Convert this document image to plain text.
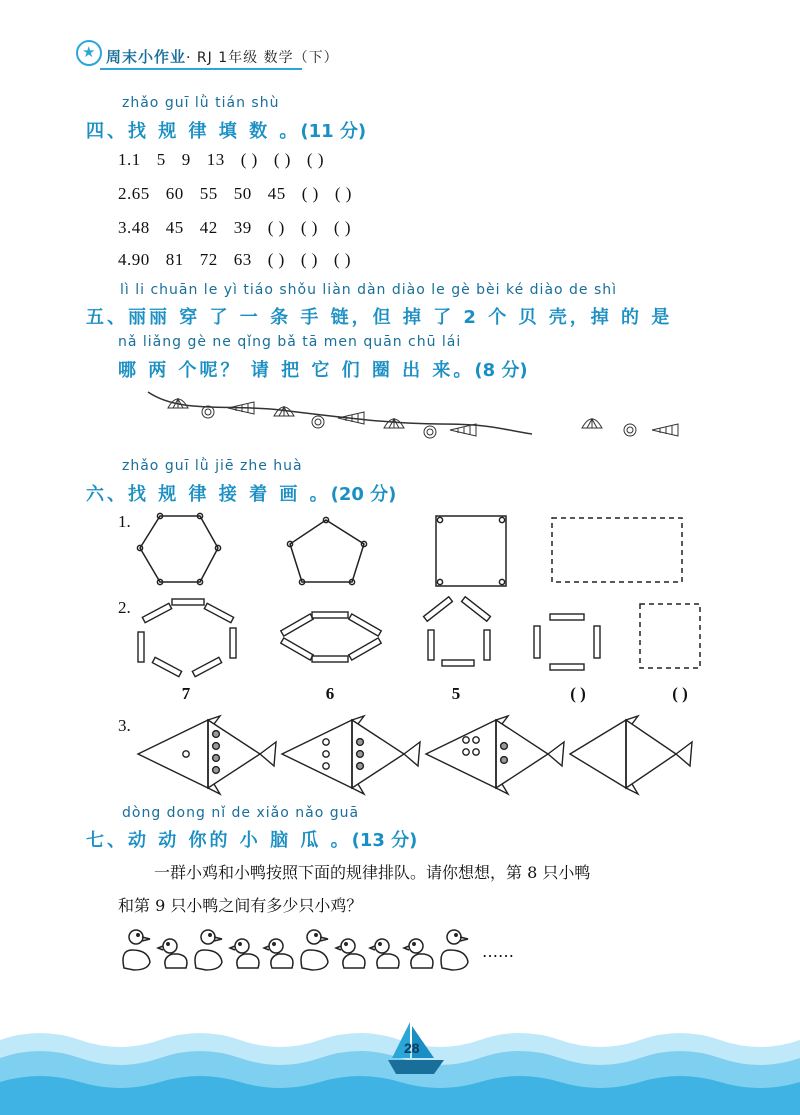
★
周末小作业· RJ 1年级 数学（下）
zhǎo guī lǜ tián shù
四、找 规 律 填 数 。(11 分)
1.1 5 9 13 ( ) ( ) ( )
2.65 60 55 50 45 ( ) ( )
3.48 45 42 39 ( ) ( ) ( )
4.90 81 72 63 ( ) ( ) ( )
lì li chuān le yì tiáo shǒu liàn dàn diào le gè bèi ké diào de shì
五、丽丽 穿 了 一 条 手 链，但 掉 了 2 个 贝 壳，掉 的 是
nǎ liǎng gè ne qǐng bǎ tā men quān chū lái
哪 两 个呢？ 请 把 它 们 圈 出 来。(8 分)
zhǎo guī lǜ jiē zhe huà
六、找 规 律 接 着 画 。(20 分)
1.
2.
7	6	5	( )	( )
3.
dòng dong nǐ de xiǎo nǎo guā
七、动 动 你的 小 脑 瓜 。(13 分)
一群小鸡和小鸭按照下面的规律排队。请你想想，第 8 只小鸭
和第 9 只小鸭之间有多少只小鸡？
……
28
